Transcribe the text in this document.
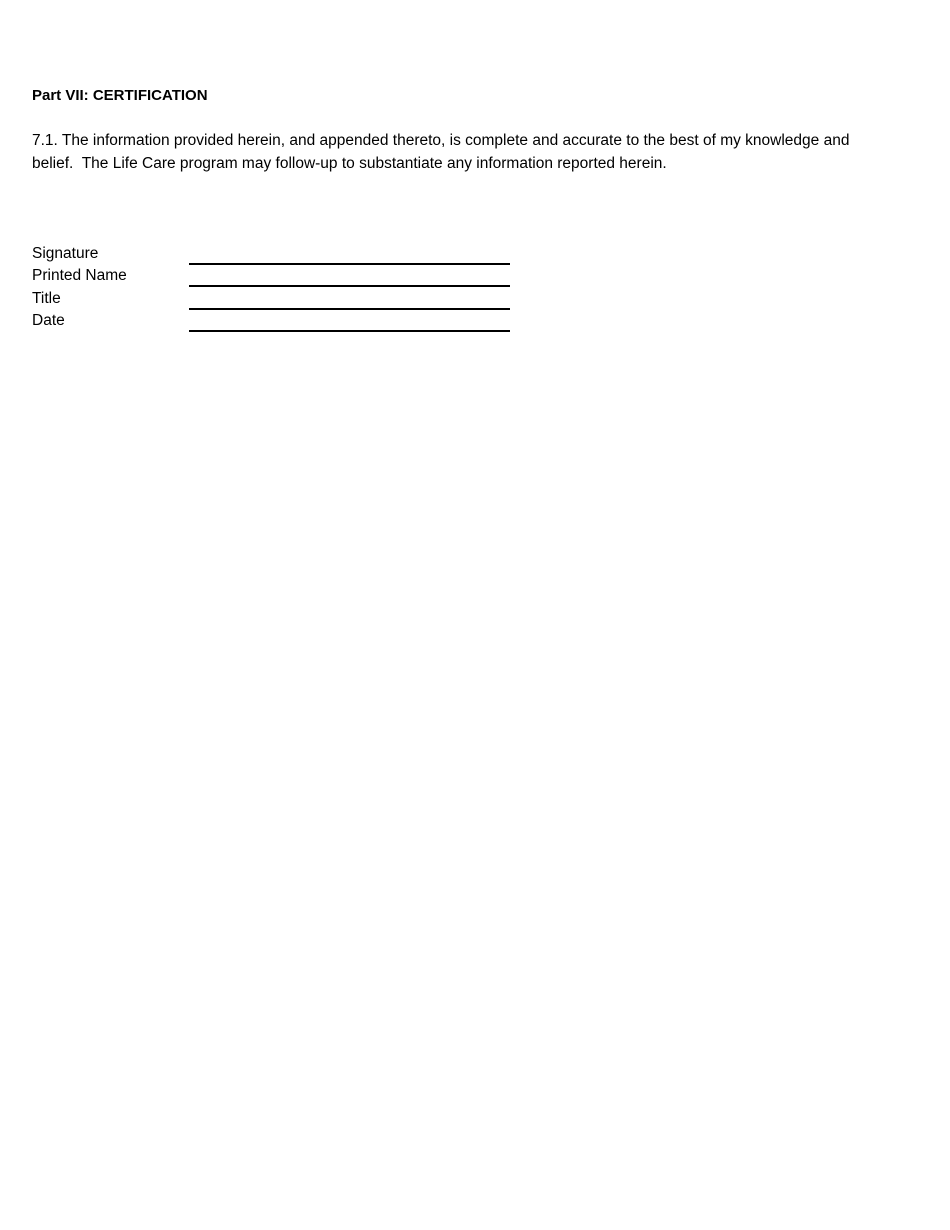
Part VII: CERTIFICATION

7.1. The information provided herein, and appended thereto, is complete and accurate to the best of my knowledge and

belief.  The Life Care program may follow-up to substantiate any information reported herein.

Signature
Printed Name
Title
Date
